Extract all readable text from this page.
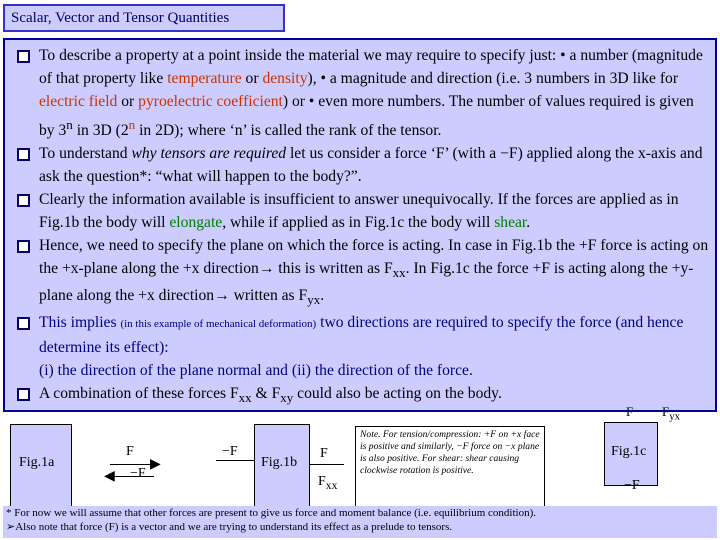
Scalar, Vector and Tensor Quantities
To describe a property at a point inside the material we may require to specify just: • a number (magnitude of that property like temperature or density), • a magnitude and direction (i.e. 3 numbers in 3D like for electric field or pyroelectric coefficient) or • even more numbers. The number of values required is given by 3$^n$ in 3D (2$^n$ in 2D); where ‘n’ is called the rank of the tensor.
To understand why tensors are required let us consider a force ‘F’ (with a −F) applied along the x-axis and ask the question*: “what will happen to the body?”.
Clearly the information available is insufficient to answer unequivocally. If the forces are applied as in Fig.1b the body will elongate, while if applied as in Fig.1c the body will shear.
Hence, we need to specify the plane on which the force is acting. In case in Fig.1b the +F force is acting on the +x-plane along the +x direction→ this is written as $F_{xx}$. In Fig.1c the force +F is acting along the +y-plane along the +x direction→ written as $F_{yx}$.
This implies (in this example of mechanical deformation) two directions are required to specify the force (and hence determine its effect):
(i) the direction of the plane normal and (ii) the direction of the force.
A combination of these forces $F_{xx}$ & $F_{xy}$ could also be acting on the body.
F $F_{yx}$
Fig.1a
F
▶
◀ −F
−F
Fig.1b
F
$F_{xx}$
Note. For tension/compression: +F on +x face is positive and similarly, −F force on −x plane is also positive. For shear: shear causing clockwise rotation is positive.
Fig.1c
−F
* For now we will assume that other forces are present to give us force and moment balance (i.e. equilibrium condition).
➢Also note that force (F) is a vector and we are trying to understand its effect as a prelude to tensors.
